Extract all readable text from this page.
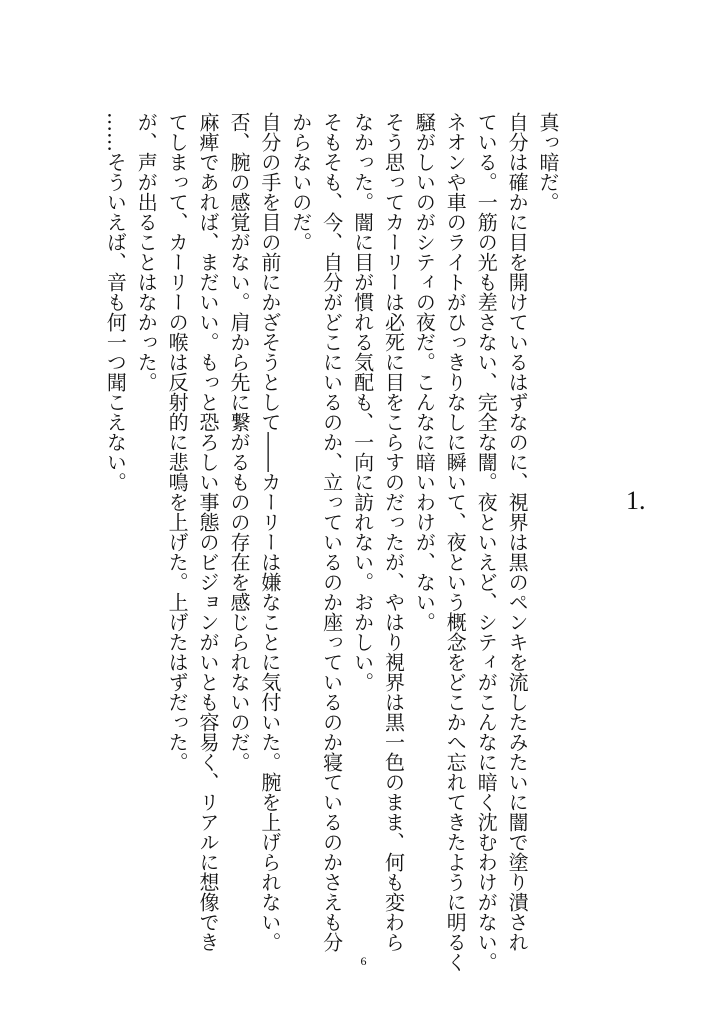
1.

真っ暗だ。

自分は確かに目を開けているはずなのに、視界は黒のペンキを流したみたいに闇で塗り潰され

ている。一筋の光も差さない、完全な闇。夜といえど、シティがこんなに暗く沈むわけがない。

ネオンや車のライトがひっきりなしに瞬いて、夜という概念をどこかへ忘れてきたように明るく

騒がしいのがシティの夜だ。こんなに暗いわけが、ない。

そう思ってカーリーは必死に目をこらすのだったが、やはり視界は黒一色のまま、何も変わら

なかった。闇に目が慣れる気配も、一向に訪れない。おかしい。

そもそも、今、自分がどこにいるのか、立っているのか座っているのか寝ているのかさえも分

からないのだ。

自分の手を目の前にかざそうとして――カーリーは嫌なことに気付いた。腕を上げられない。

否、腕の感覚がない。肩から先に繋がるものの存在を感じられないのだ。

麻痺であれば、まだいい。もっと恐ろしい事態のビジョンがいとも容易く、リアルに想像でき

てしまって、カーリーの喉は反射的に悲鳴を上げた。上げたはずだった。

が、声が出ることはなかった。

……そういえば、音も何一つ聞こえない。

6
